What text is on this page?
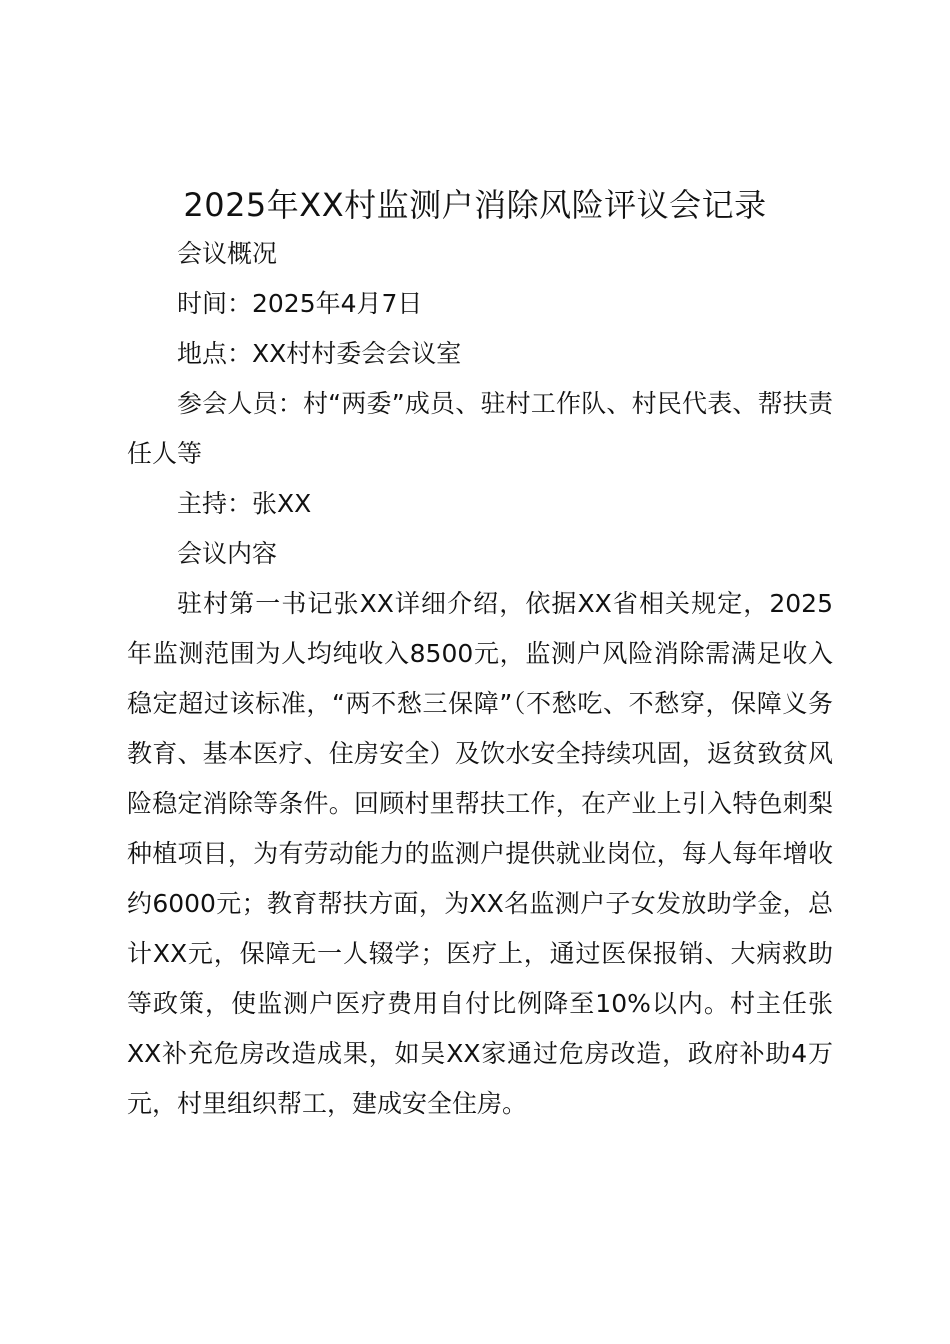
2025年XX村监测户消除风险评议会记录

会议概况

时间：2025年4月7日

地点：XX村村委会会议室

参会人员：村“两委”成员、驻村工作队、村民代表、帮扶责任人等

主持：张XX

会议内容

驻村第一书记张XX详细介绍，依据XX省相关规定，2025年监测范围为人均纯收入8500元，监测户风险消除需满足收入稳定超过该标准，“两不愁三保障”（不愁吃、不愁穿，保障义务教育、基本医疗、住房安全）及饮水安全持续巩固，返贫致贫风险稳定消除等条件。回顾村里帮扶工作，在产业上引入特色刺梨种植项目，为有劳动能力的监测户提供就业岗位，每人每年增收约6000元；教育帮扶方面，为XX名监测户子女发放助学金，总计XX元，保障无一人辍学；医疗上，通过医保报销、大病救助等政策，使监测户医疗费用自付比例降至10%以内。村主任张XX补充危房改造成果，如吴XX家通过危房改造，政府补助4万元，村里组织帮工，建成安全住房。
